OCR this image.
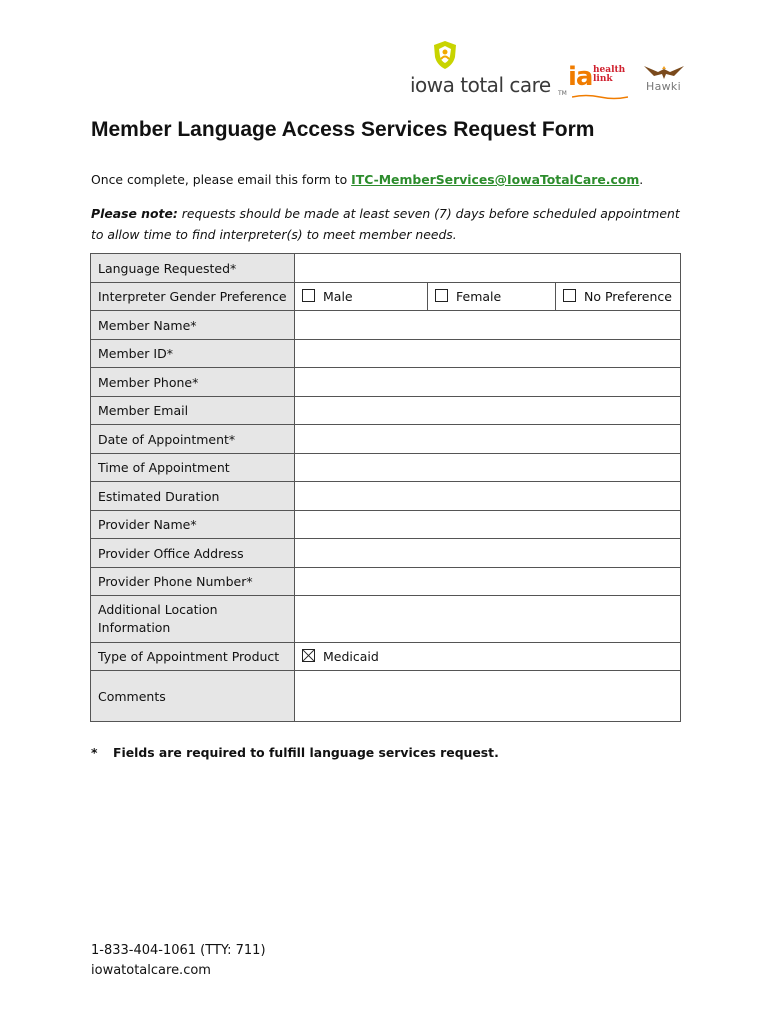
iowa total care TM
ia health
link
Hawki
Member Language Access Services Request Form
Once complete, please email this form to ITC-MemberServices@IowaTotalCare.com.
Please note: requests should be made at least seven (7) days before scheduled appointment to allow time to find interpreter(s) to meet member needs.
Language Requested*			
Interpreter Gender Preference	Male	Female	No Preference
Member Name*			
Member ID*			
Member Phone*			
Member Email			
Date of Appointment*			
Time of Appointment			
Estimated Duration			
Provider Name*			
Provider Office Address			
Provider Phone Number*			
Additional Location Information			
Type of Appointment Product	Medicaid		
Comments			
* Fields are required to fulfill language services request.
1-833-404-1061 (TTY: 711)
iowatotalcare.com
